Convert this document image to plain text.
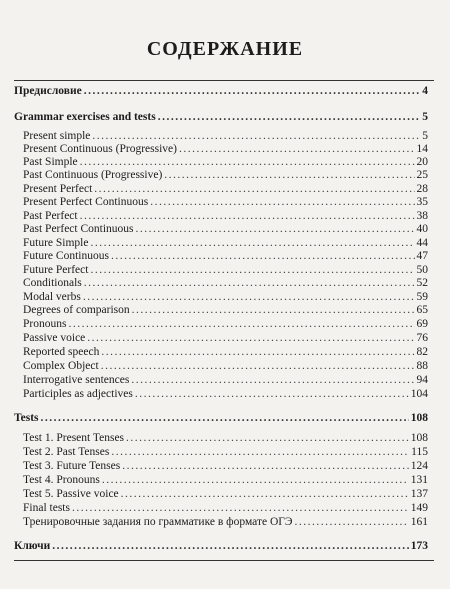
СОДЕРЖАНИЕ
Предисловие .....	4
Grammar exercises and tests .....	5
Present simple .....	5
Present Continuous (Progressive) .....	14
Past Simple .....	20
Past Continuous (Progressive) .....	25
Present Perfect .....	28
Present Perfect Continuous .....	35
Past Perfect .....	38
Past Perfect Continuous .....	40
Future Simple .....	44
Future Continuous .....	47
Future Perfect .....	50
Conditionals .....	52
Modal verbs .....	59
Degrees of comparison .....	65
Pronouns .....	69
Passive voice .....	76
Reported speech .....	82
Complex Object .....	88
Interrogative sentences .....	94
Participles as adjectives .....	104
Tests .....	108
Test 1. Present Tenses .....	108
Test 2. Past Tenses .....	115
Test 3. Future Tenses .....	124
Test 4. Pronouns .....	131
Test 5. Passive voice .....	137
Final tests .....	149
Тренировочные задания по грамматике в формате ОГЭ .....	161
Ключи .....	173
